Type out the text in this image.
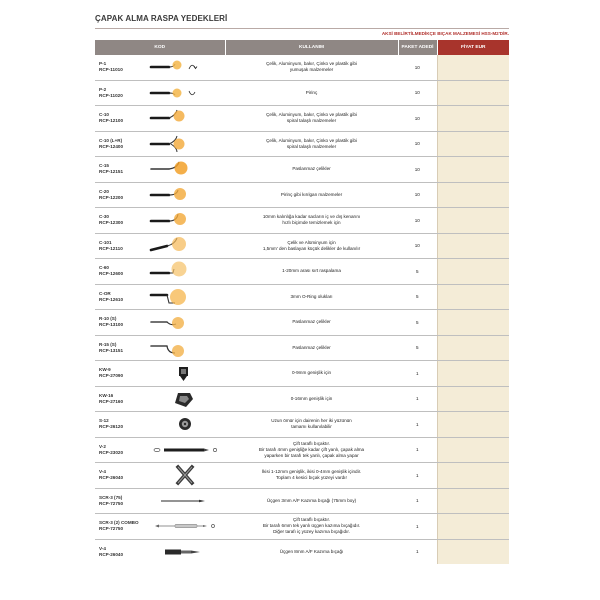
ÇAPAK ALMA RASPA YEDEKLERİ
AKSİ BELİRTİLMEDİKÇE BIÇAK MALZEMESİ HSS-M2'DİR.
KOD		KULLANIM	PAKET ADEDİ	FİYAT EUR

P-1
RCP-11010		Çelik, Aluminyum, bakır, Çinko ve plastik gibi
yumuşak malzemeler	10	

P-2
RCP-11020		Pirinç	10	

C-10
RCP-12100		Çelik, Aluminyum, bakır, Çinko ve plastik gibi
spiral talaşlı malzemeler	10	

C-10 (L+R)
RCP-12400		Çelik, Aluminyum, bakır, Çinko ve plastik gibi
spiral talaşlı malzemeler	10	

C-15
RCP-12151		Paslanmaz çelikler	10	

C-20
RCP-12200		Pirinç gibi kırılgan malzemeler	10	

C-30
RCP-12300		10mm kalınlığa kadar sacların iç ve dış kenarını
hızlı biçimde temizlemek için	10	

C-101
RCP-12110		Çelik ve Alüminyum için
1,5mm' den baslayan küçük delikler de kullanılır	10	

C-60
RCP-12600		1-20mm arası sırt raspalama	5	

C-OR
RCP-12610		3mm O-Ring olukları	5	

R-10 (S)
RCP-13100		Paslanmaz çelikler	5	

R-15 (S)
RCP-13151		Paslanmaz çelikler	5	

KW-9
RCP-27090		0-9mm genişlik için	1	

KW-16
RCP-27160		0-16mm genişlik için	1	

S-12
RCP-26120		Uzun ömür için dairenin her iki yüzünün
tamamı kullanılabilir	1	

V-2
RCP-23020		Çift taraflı bıçaktır.
Bir tarafı 4mm genişliğe kadar çift yanlı, çapak alma
yaparken bir tarafı tek yanlı, çapak alma yapar	1	

V-4
RCP-26040		İkisi 1-12mm genişlik, ikisi 0-4mm genişlik içindir.
Toplam 4 kesici bıçak yüzeyi vardır	1	

SCR-3 (75)
RCP-72750		Üçgen 3mm A/F Kazıma bıçağı (75mm boy)	1	

SCR-3 (2) COMBO
RCP-72750		Çift taraflı bıçaktır.
Bir tarafı 6mm tek yanlı üçgen kazıma bıçağıdır.
Diğer tarafı iç yüzey kazıma bıçağıdır.	1	

V-4
RCP-26040		Üçgen 8mm A/F Kazıma bıçağı	1	
